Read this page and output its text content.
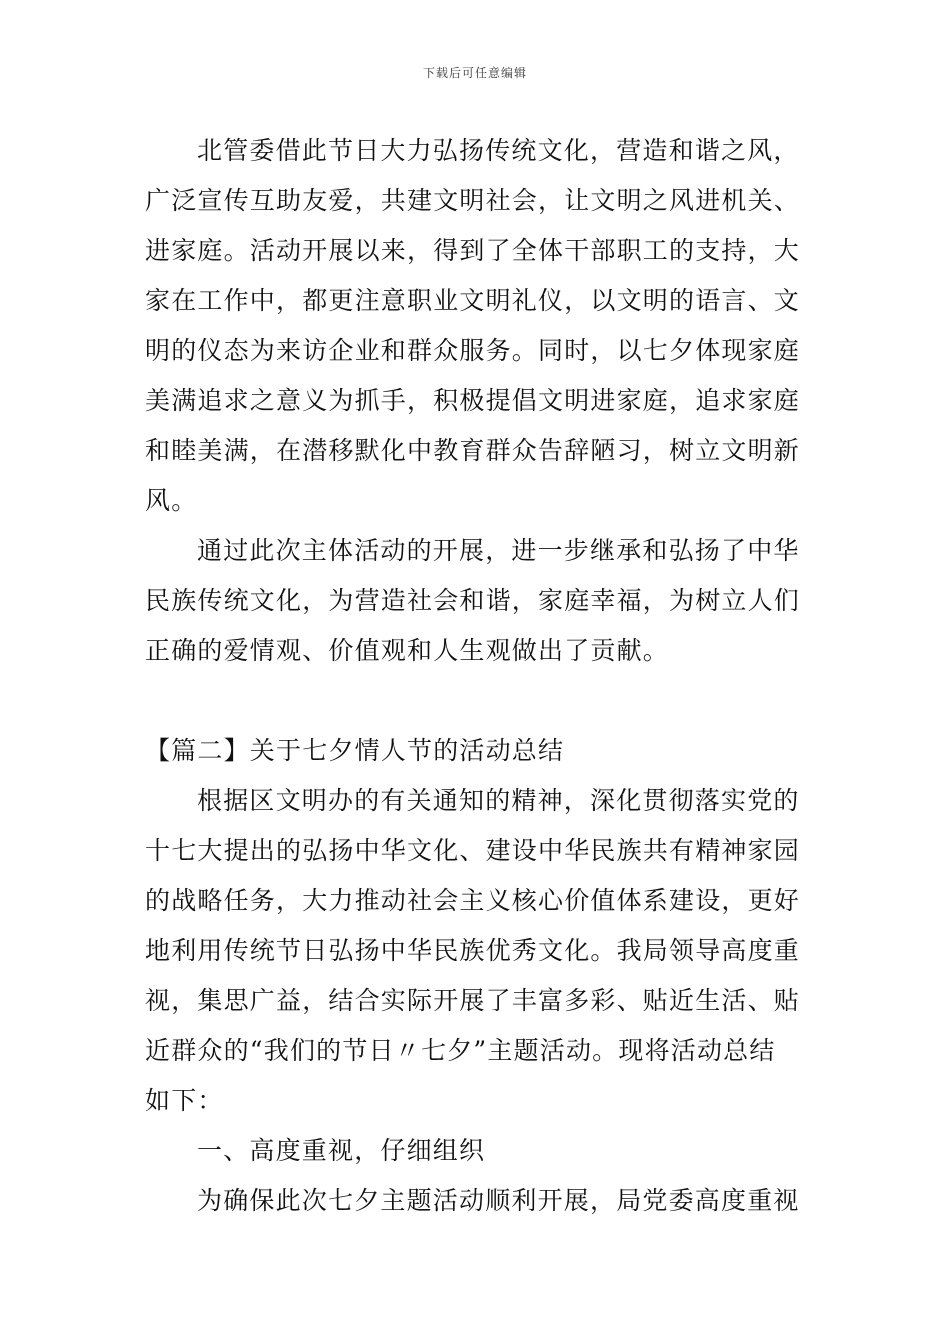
下载后可任意编辑
北管委借此节日大力弘扬传统文化，营造和谐之风，
广泛宣传互助友爱，共建文明社会，让文明之风进机关、
进家庭。活动开展以来，得到了全体干部职工的支持，大
家在工作中，都更注意职业文明礼仪，以文明的语言、文
明的仪态为来访企业和群众服务。同时，以七夕体现家庭
美满追求之意义为抓手，积极提倡文明进家庭，追求家庭
和睦美满，在潜移默化中教育群众告辞陋习，树立文明新
风。
通过此次主体活动的开展，进一步继承和弘扬了中华
民族传统文化，为营造社会和谐，家庭幸福，为树立人们
正确的爱情观、价值观和人生观做出了贡献。
【篇二】关于七夕情人节的活动总结
根据区文明办的有关通知的精神，深化贯彻落实党的
十七大提出的弘扬中华文化、建设中华民族共有精神家园
的战略任务，大力推动社会主义核心价值体系建设，更好
地利用传统节日弘扬中华民族优秀文化。我局领导高度重
视，集思广益，结合实际开展了丰富多彩、贴近生活、贴
近群众的“我们的节日〃七夕”主题活动。现将活动总结
如下：
一、高度重视，仔细组织
为确保此次七夕主题活动顺利开展，局党委高度重视
